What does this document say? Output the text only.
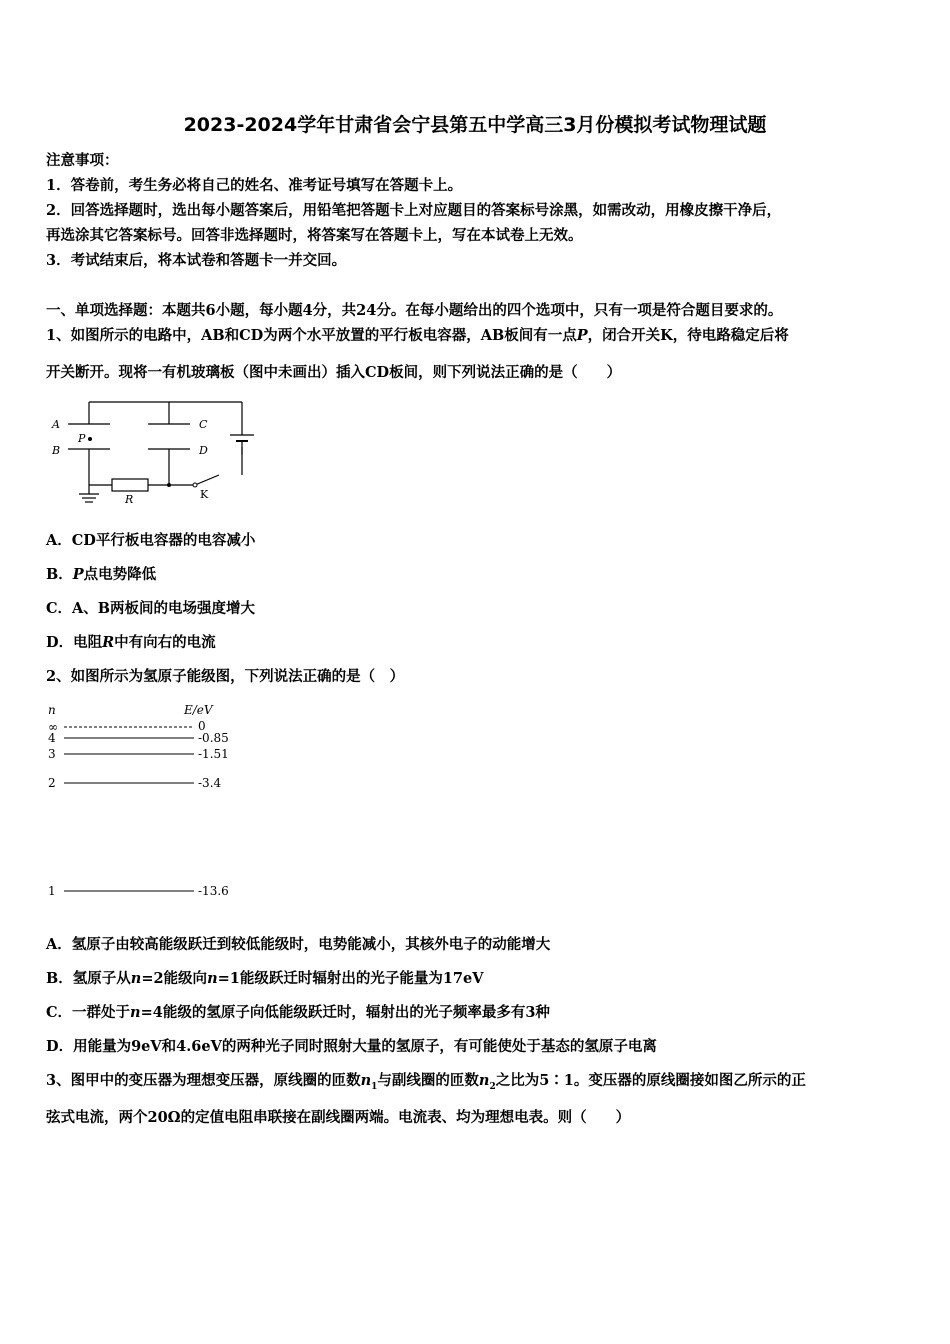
2023-2024学年甘肃省会宁县第五中学高三3月份模拟考试物理试题
注意事项：
1．答卷前，考生务必将自己的姓名、准考证号填写在答题卡上。
2．回答选择题时，选出每小题答案后，用铅笔把答题卡上对应题目的答案标号涂黑，如需改动，用橡皮擦干净后，
再选涂其它答案标号。回答非选择题时，将答案写在答题卡上，写在本试卷上无效。
3．考试结束后，将本试卷和答题卡一并交回。
一、单项选择题：本题共6小题，每小题4分，共24分。在每小题给出的四个选项中，只有一项是符合题目要求的。
1、如图所示的电路中，AB和CD为两个水平放置的平行板电容器，AB板间有一点P，闭合开关K，待电路稳定后将
开关断开。现将一有机玻璃板（图中未画出）插入CD板间，则下列说法正确的是（　　）
A
B
P
C
D
R	K
A．CD平行板电容器的电容减小
B．P点电势降低
C．A、B两板间的电场强度增大
D．电阻R中有向右的电流
2、如图所示为氢原子能级图，下列说法正确的是（　）
n	E/eV
∞	0
4	-0.85
3	-1.51
2	-3.4
1	-13.6
A．氢原子由较高能级跃迁到较低能级时，电势能减小，其核外电子的动能增大
B．氢原子从n=2能级向n=1能级跃迁时辐射出的光子能量为17eV
C．一群处于n=4能级的氢原子向低能级跃迁时，辐射出的光子频率最多有3种
D．用能量为9eV和4.6eV的两种光子同时照射大量的氢原子，有可能使处于基态的氢原子电离
3、图甲中的变压器为理想变压器，原线圈的匝数$n_1$与副线圈的匝数$n_2$之比为5∶1。变压器的原线圈接如图乙所示的正
弦式电流，两个20Ω的定值电阻串联接在副线圈两端。电流表、均为理想电表。则（　　）
